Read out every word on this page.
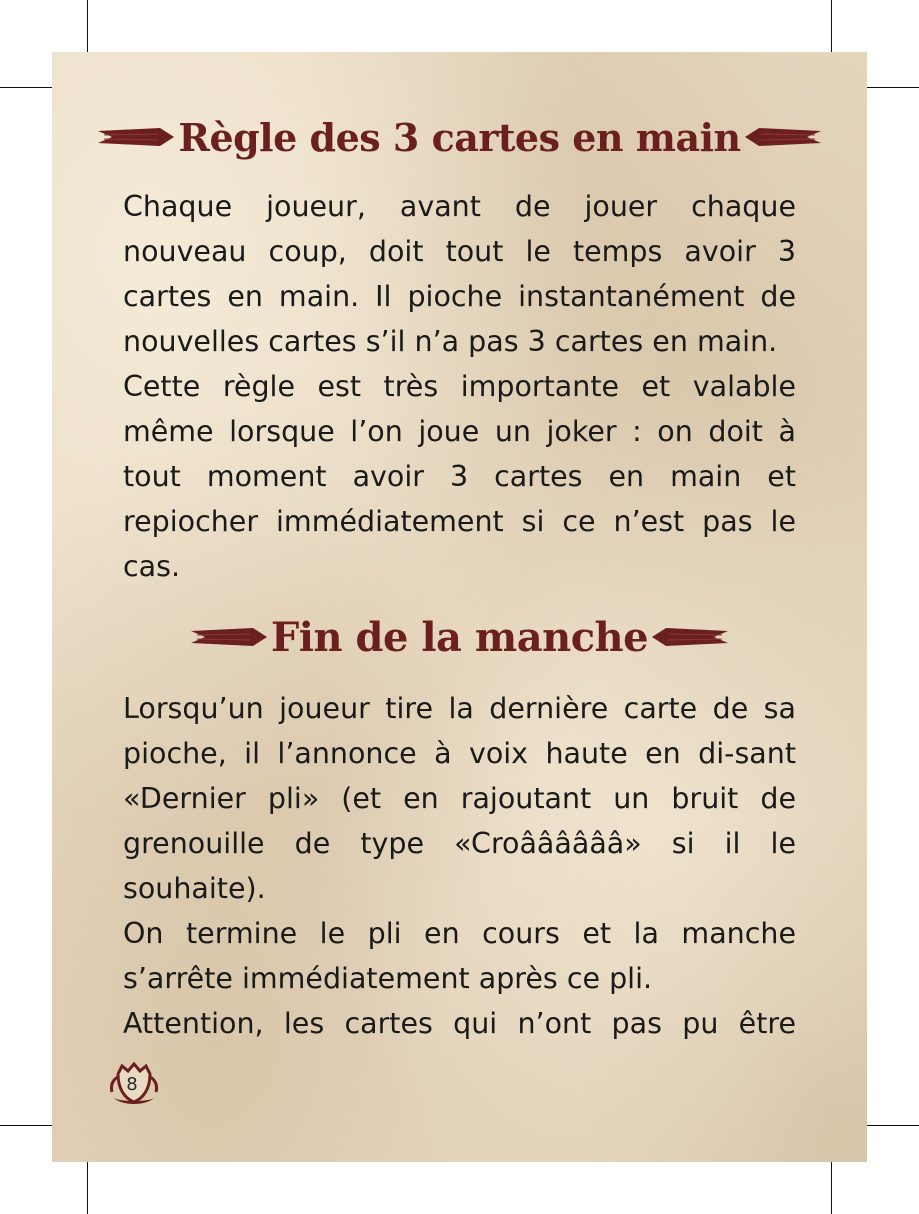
Règle des 3 cartes en main

Chaque joueur, avant de jouer chaque nouveau coup, doit tout le temps avoir 3 cartes en main. Il pioche instantanément de nouvelles cartes s’il n’a pas 3 cartes en main.

Cette règle est très importante et valable même lorsque l’on joue un joker : on doit à tout moment avoir 3 cartes en main et repiocher immédiatement si ce n’est pas le cas.

Fin de la manche

Lorsqu’un joueur tire la dernière carte de sa pioche, il l’annonce à voix haute en di-sant «Dernier pli» (et en rajoutant un bruit de grenouille de type «Croââââââ» si il le souhaite).

On termine le pli en cours et la manche s’arrête immédiatement après ce pli.

Attention, les cartes qui n’ont pas pu être

8
